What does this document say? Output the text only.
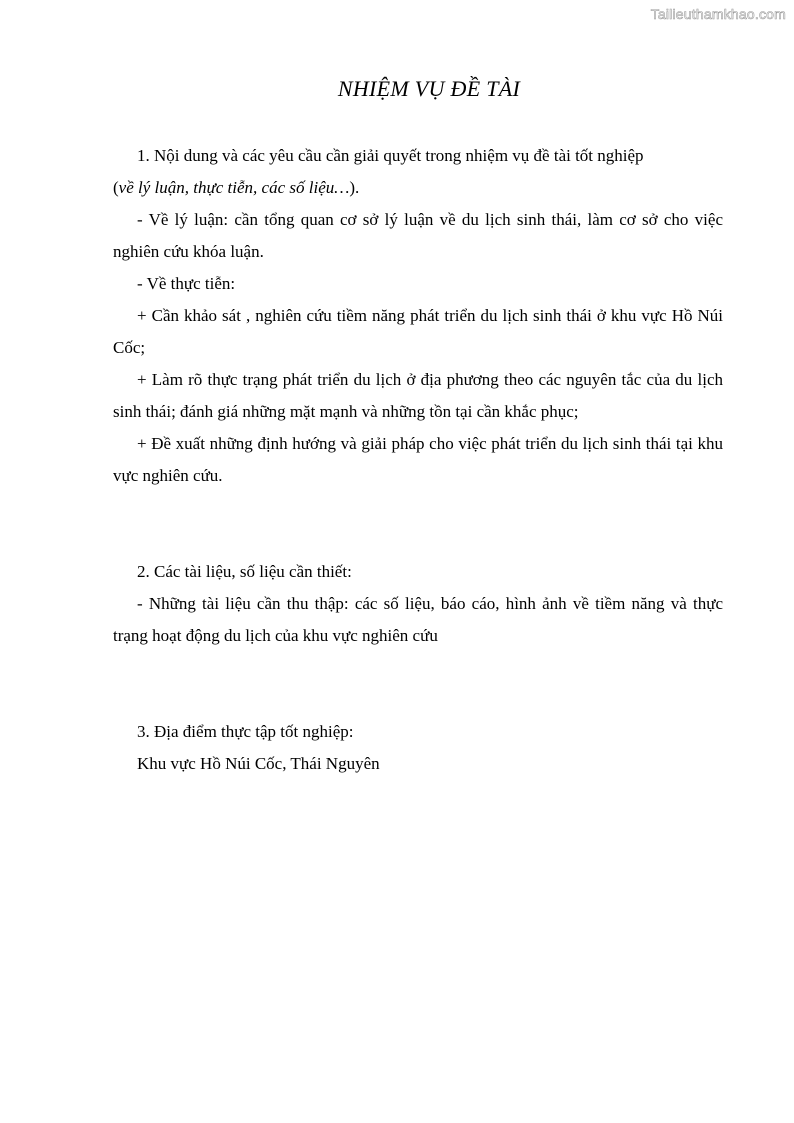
Tailieuthamkhao.com
NHIỆM VỤ ĐỀ TÀI

1. Nội dung và các yêu cầu cần giải quyết trong nhiệm vụ đề tài tốt nghiệp

(về lý luận, thực tiễn, các số liệu…).

- Về lý luận: cần tổng quan cơ sở lý luận về du lịch sinh thái, làm cơ sở cho việc nghiên cứu khóa luận.

- Về thực tiễn:

+ Cần khảo sát , nghiên cứu tiềm năng phát triển du lịch sinh thái ở khu vực Hồ Núi Cốc;

+ Làm rõ thực trạng phát triển du lịch ở địa phương theo các nguyên tắc của du lịch sinh thái; đánh giá những mặt mạnh và những tồn tại cần khắc phục;

+ Đề xuất những định hướng và giải pháp cho việc phát triển du lịch sinh thái tại khu vực nghiên cứu.

2. Các tài liệu, số liệu cần thiết:

- Những tài liệu cần thu thập: các số liệu, báo cáo, hình ảnh về tiềm năng và thực trạng hoạt động du lịch của khu vực nghiên cứu

3. Địa điểm thực tập tốt nghiệp:

Khu vực Hồ Núi Cốc, Thái Nguyên
